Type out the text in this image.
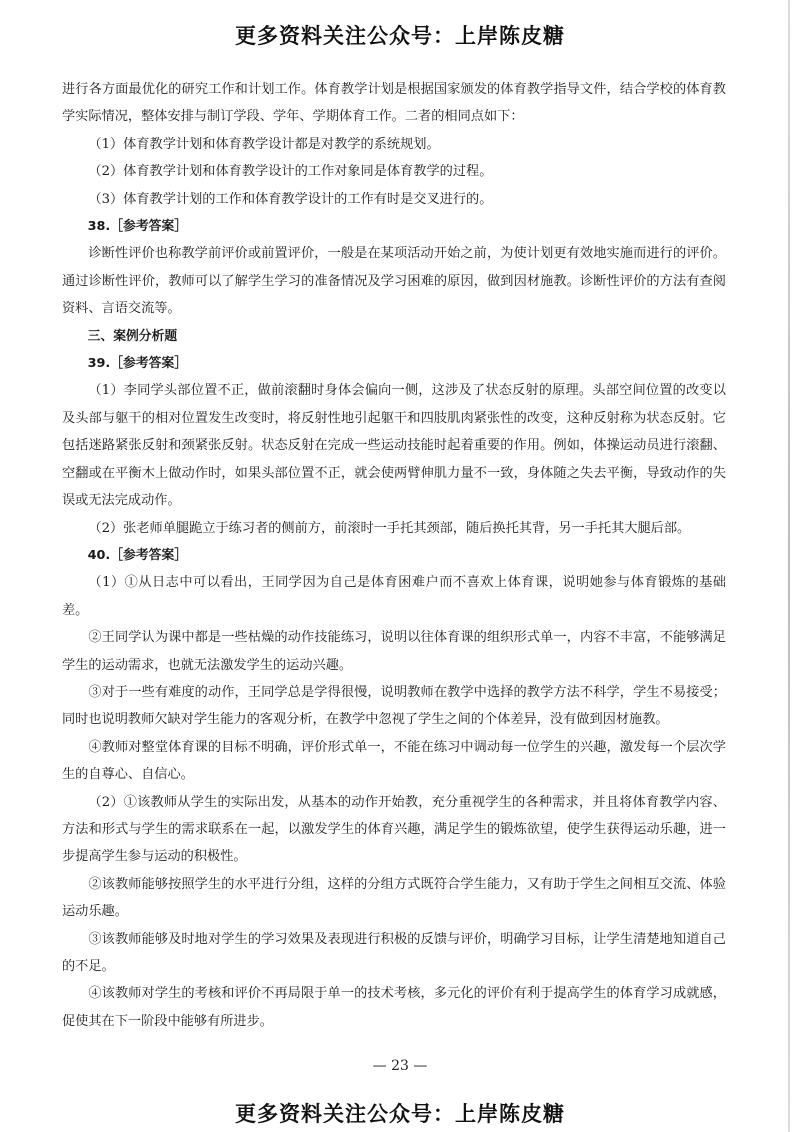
更多资料关注公众号：上岸陈皮糖

进行各方面最优化的研究工作和计划工作。体育教学计划是根据国家颁发的体育教学指导文件，结合学校的体育教学实际情况，整体安排与制订学段、学年、学期体育工作。二者的相同点如下：

（1）体育教学计划和体育教学设计都是对教学的系统规划。

（2）体育教学计划和体育教学设计的工作对象同是体育教学的过程。

（3）体育教学计划的工作和体育教学设计的工作有时是交叉进行的。

38.［参考答案］

诊断性评价也称教学前评价或前置评价，一般是在某项活动开始之前，为使计划更有效地实施而进行的评价。通过诊断性评价，教师可以了解学生学习的准备情况及学习困难的原因，做到因材施教。诊断性评价的方法有查阅资料、言语交流等。

三、案例分析题

39.［参考答案］

（1）李同学头部位置不正，做前滚翻时身体会偏向一侧，这涉及了状态反射的原理。头部空间位置的改变以及头部与躯干的相对位置发生改变时，将反射性地引起躯干和四肢肌肉紧张性的改变，这种反射称为状态反射。它包括迷路紧张反射和颈紧张反射。状态反射在完成一些运动技能时起着重要的作用。例如，体操运动员进行滚翻、空翻或在平衡木上做动作时，如果头部位置不正，就会使两臂伸肌力量不一致，身体随之失去平衡，导致动作的失误或无法完成动作。

（2）张老师单腿跪立于练习者的侧前方，前滚时一手托其颈部，随后换托其背，另一手托其大腿后部。

40.［参考答案］

（1）①从日志中可以看出，王同学因为自己是体育困难户而不喜欢上体育课，说明她参与体育锻炼的基础差。

②王同学认为课中都是一些枯燥的动作技能练习，说明以往体育课的组织形式单一，内容不丰富，不能够满足学生的运动需求，也就无法激发学生的运动兴趣。

③对于一些有难度的动作，王同学总是学得很慢，说明教师在教学中选择的教学方法不科学，学生不易接受；同时也说明教师欠缺对学生能力的客观分析，在教学中忽视了学生之间的个体差异，没有做到因材施教。

④教师对整堂体育课的目标不明确，评价形式单一，不能在练习中调动每一位学生的兴趣，激发每一个层次学生的自尊心、自信心。

（2）①该教师从学生的实际出发，从基本的动作开始教，充分重视学生的各种需求，并且将体育教学内容、方法和形式与学生的需求联系在一起，以激发学生的体育兴趣，满足学生的锻炼欲望，使学生获得运动乐趣，进一步提高学生参与运动的积极性。

②该教师能够按照学生的水平进行分组，这样的分组方式既符合学生能力，又有助于学生之间相互交流、体验运动乐趣。

③该教师能够及时地对学生的学习效果及表现进行积极的反馈与评价，明确学习目标，让学生清楚地知道自己的不足。

④该教师对学生的考核和评价不再局限于单一的技术考核，多元化的评价有利于提高学生的体育学习成就感，促使其在下一阶段中能够有所进步。

— 23 —
更多资料关注公众号：上岸陈皮糖
